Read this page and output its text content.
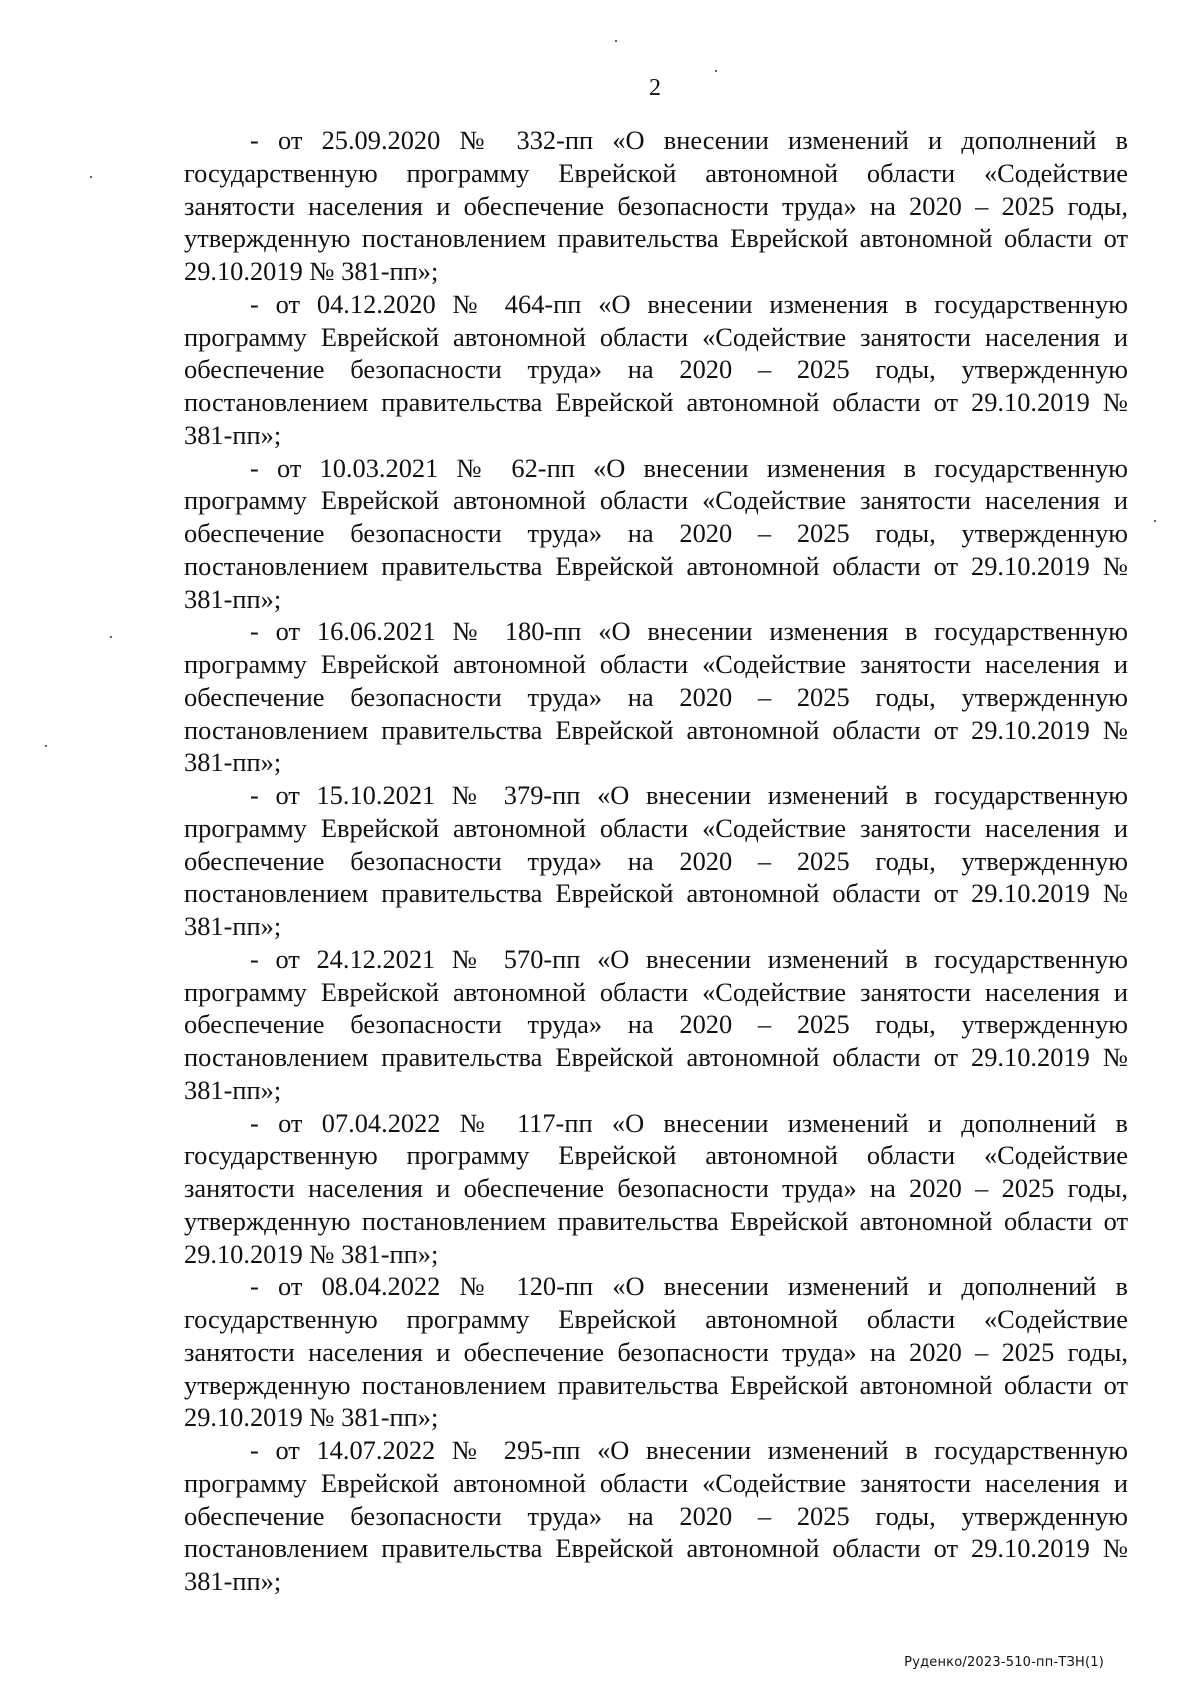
2

- от 25.09.2020 № 332-пп «О внесении изменений и дополнений в государственную программу Еврейской автономной области «Содействие занятости населения и обеспечение безопасности труда» на 2020 – 2025 годы, утвержденную постановлением правительства Еврейской автономной области от 29.10.2019 № 381-пп»;

- от 04.12.2020 № 464-пп «О внесении изменения в государственную программу Еврейской автономной области «Содействие занятости населения и обеспечение безопасности труда» на 2020 – 2025 годы, утвержденную постановлением правительства Еврейской автономной области от 29.10.2019 № 381-пп»;

- от 10.03.2021 № 62-пп «О внесении изменения в государственную программу Еврейской автономной области «Содействие занятости населения и обеспечение безопасности труда» на 2020 – 2025 годы, утвержденную постановлением правительства Еврейской автономной области от 29.10.2019 № 381-пп»;

- от 16.06.2021 № 180-пп «О внесении изменения в государственную программу Еврейской автономной области «Содействие занятости населения и обеспечение безопасности труда» на 2020 – 2025 годы, утвержденную постановлением правительства Еврейской автономной области от 29.10.2019 № 381-пп»;

- от 15.10.2021 № 379-пп «О внесении изменений в государственную программу Еврейской автономной области «Содействие занятости населения и обеспечение безопасности труда» на 2020 – 2025 годы, утвержденную постановлением правительства Еврейской автономной области от 29.10.2019 № 381-пп»;

- от 24.12.2021 № 570-пп «О внесении изменений в государственную программу Еврейской автономной области «Содействие занятости населения и обеспечение безопасности труда» на 2020 – 2025 годы, утвержденную постановлением правительства Еврейской автономной области от 29.10.2019 № 381-пп»;

- от 07.04.2022 № 117-пп «О внесении изменений и дополнений в государственную программу Еврейской автономной области «Содействие занятости населения и обеспечение безопасности труда» на 2020 – 2025 годы, утвержденную постановлением правительства Еврейской автономной области от 29.10.2019 № 381-пп»;

- от 08.04.2022 № 120-пп «О внесении изменений и дополнений в государственную программу Еврейской автономной области «Содействие занятости населения и обеспечение безопасности труда» на 2020 – 2025 годы, утвержденную постановлением правительства Еврейской автономной области от 29.10.2019 № 381-пп»;

- от 14.07.2022 № 295-пп «О внесении изменений в государственную программу Еврейской автономной области «Содействие занятости населения и обеспечение безопасности труда» на 2020 – 2025 годы, утвержденную постановлением правительства Еврейской автономной области от 29.10.2019 № 381-пп»;

Руденко/2023-510-пп-ТЗН(1)
